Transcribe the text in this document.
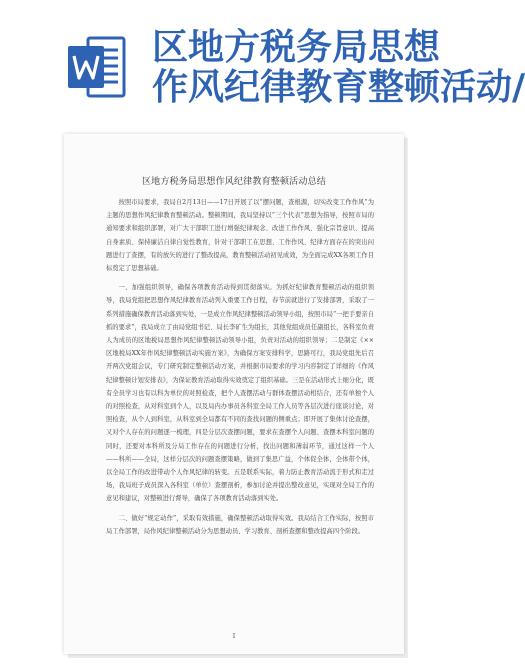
区地方税务局思想
作风纪律教育整顿活动/
区地方税务局思想作风纪律教育整顿活动总结

按照市局要求，我局自2月13日——17日开展了以“摆问题，查根源，切实改变工作作风”为主题的思想作风纪律教育整顿活动。整顿期间，我局坚持以“三个代表”思想为指导，按照市局的通知要求和组织部署，对广大干部职工进行增强纪律观念、改进工作作风、强化宗旨意识、提高自身素质、保持廉洁自律自觉性教育，针对干部职工在思想、工作作风、纪律方面存在的突出问题进行了查摆，有的放矢的进行了整改提高，教育整顿活动初见成效，为全面完成XX各项工作目标奠定了思想基础。

一、加强组织领导，确保各项教育活动得到贯彻落实。为抓好纪律教育整顿活动的组织领导，我局党组把思想作风纪律教育活动列入重要工作日程，春节前就进行了安排部署，采取了一系列措施确保教育活动落到实处，一是成立作风纪律整顿活动领导小组，按照市局“一把手要亲自抓的要求”，我局成立了由局党组书记、局长李矿生为组长，其他党组成员任副组长，各科室负责人为成员的区地税局思想作风纪律整顿活动领导小组，负责对活动的组织领导；二是制定《××区地税局XX年作风纪律整顿活动实施方案》，为确保方案安排科学，思路可行，我局党组先后召开两次党组会议，专门研究制定整顿活动方案，并根据市局要求的学习内容制定了详细的《作风纪律整顿计划安排表》，为保证教育活动取得实效奠定了组织基础。三是在活动形式上细分化，既有全员学习也有以科为单位的对照检查，把个人查摆活动与群体查摆活动相结合，还有单独个人的对照检查，从对科室到个人，以及局内办事员各科室全局工作人员等各层次进行座谈讨论，对照检查，从个人到科室，从科室到全局都有不同的查找问题的侧重点；即开展了集体讨论查摆，又对个人存在的问题逐一梳理，四是分层次查摆问题，要求在查摆个人问题、查摆本科室问题的同时，还要对本科所及分局工作存在的问题进行分析，找出问题和薄弱环节，通过这样一个人——科所——全局，这样分层次的问题查摆策略，做到了集思广益，个体促全体，全体带个体，以全局工作的改进带动个人作风纪律的转变。五是联系实际，着力防止教育活动流于形式和走过场，我局班子成员深入各科室（单位）查摆剖析，参加讨论并提出整改意见，实现对全局工作的意见和建议，对整顿进行督导，确保了各项教育活动落到实处。

二、做好“规定动作”，采取有效措施，确保整顿活动取得实效。我局结合工作实际，按照市局工作部署，局作风纪律整顿活动分为思想动员、学习教育、剖析查摆和整改提高四个阶段。

1
